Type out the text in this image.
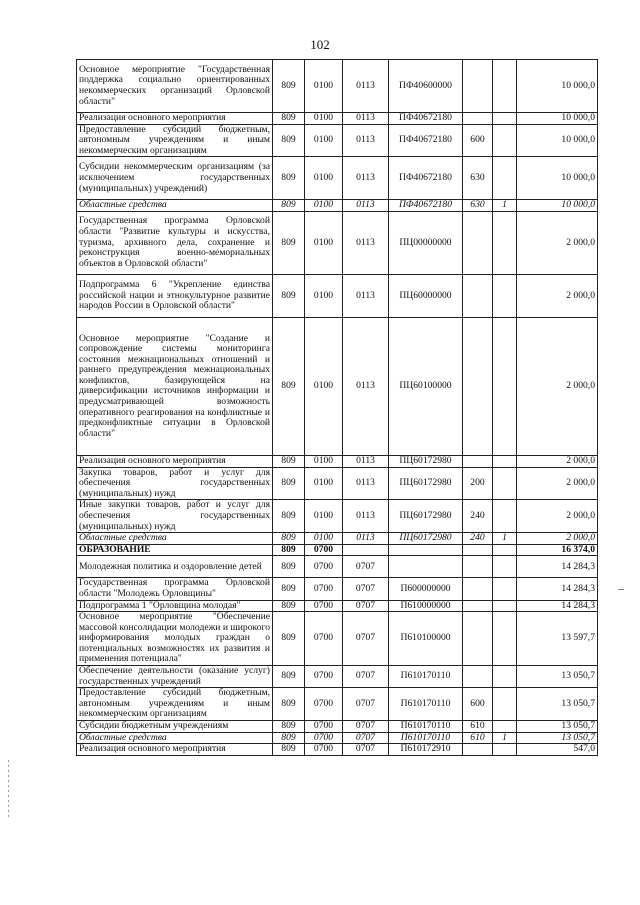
102
Основное мероприятие "Государственная поддержка социально ориентированных некоммерческих организаций Орловской области"	809	0100	0113	ПФ40600000			10 000,0
Реализация основного мероприятия	809	0100	0113	ПФ40672180			10 000,0
Предоставление субсидий бюджетным, автономным учреждениям и иным некоммерческим организациям	809	0100	0113	ПФ40672180	600		10 000,0
Субсидии некоммерческим организациям (за исключением государственных (муниципальных) учреждений)	809	0100	0113	ПФ40672180	630		10 000,0
Областные средства	809	0100	0113	ПФ40672180	630	1	10 000,0
Государственная программа Орловской области "Развитие культуры и искусства, туризма, архивного дела, сохранение и реконструкция военно-мемориальных объектов в Орловской области"	809	0100	0113	ПЦ00000000			2 000,0
Подпрограмма 6 "Укрепление единства российской нации и этнокультурное развитие народов России в Орловской области"	809	0100	0113	ПЦ60000000			2 000,0
Основное мероприятие "Создание и сопровождение системы мониторинга состояния межнациональных отношений и раннего предупреждения межнациональных конфликтов, базирующейся на диверсификации источников информации и предусматривающей возможность оперативного реагирования на конфликтные и предконфликтные ситуации в Орловской области"	809	0100	0113	ПЦ60100000			2 000,0
Реализация основного мероприятия	809	0100	0113	ПЦ60172980			2 000,0
Закупка товаров, работ и услуг для обеспечения государственных (муниципальных) нужд	809	0100	0113	ПЦ60172980	200		2 000,0
Иные закупки товаров, работ и услуг для обеспечения государственных (муниципальных) нужд	809	0100	0113	ПЦ60172980	240		2 000,0
Областные средства	809	0100	0113	ПЦ60172980	240	1	2 000,0
ОБРАЗОВАНИЕ	809	0700					16 374,0
Молодежная политика и оздоровление детей	809	0700	0707				14 284,3
Государственная программа Орловской области "Молодежь Орловщины"	809	0700	0707	П600000000			14 284,3
Подпрограмма 1 "Орловщина молодая"	809	0700	0707	П610000000			14 284,3
Основное мероприятие "Обеспечение массовой консолидации молодежи и широкого информирования молодых граждан о потенциальных возможностях их развития и применения потенциала"	809	0700	0707	П610100000			13 597,7
Обеспечение деятельности (оказание услуг) государственных учреждений	809	0700	0707	П610170110			13 050,7
Предоставление субсидий бюджетным, автономным учреждениям и иным некоммерческим организациям	809	0700	0707	П610170110	600		13 050,7
Субсидии бюджетным учреждениям	809	0700	0707	П610170110	610		13 050,7
Областные средства	809	0700	0707	П610170110	610	1	13 050,7
Реализация основного мероприятия	809	0700	0707	П610172910			547,0
